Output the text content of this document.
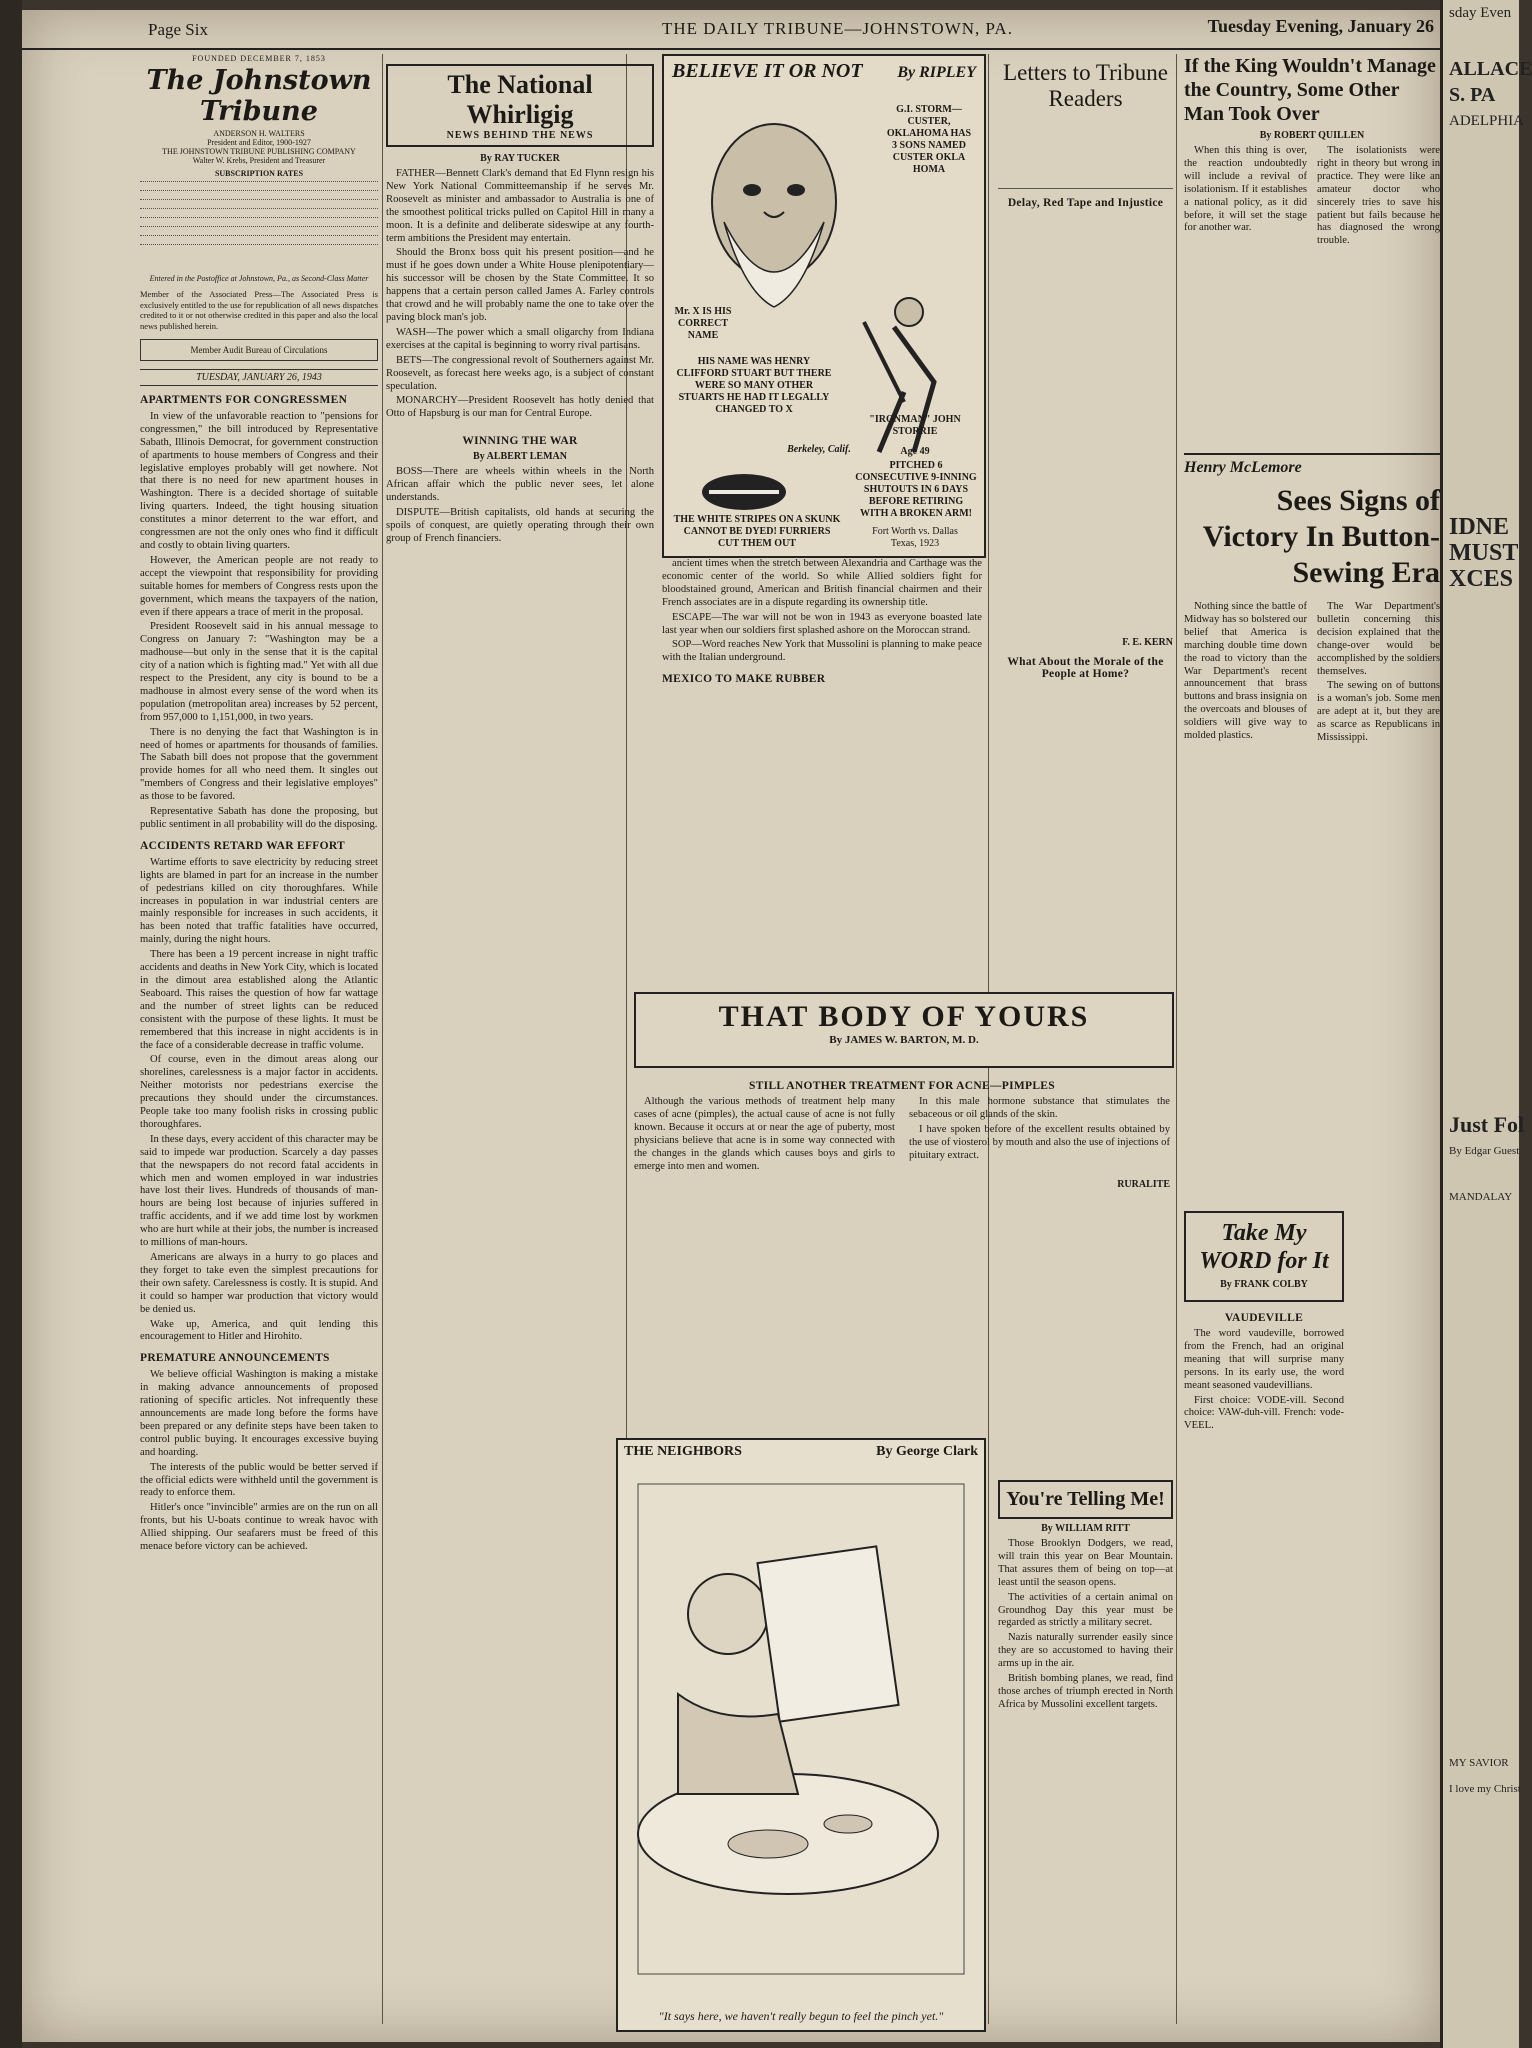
Page Six	THE DAILY TRIBUNE—JOHNSTOWN, PA.	Tuesday Evening, January 26
FOUNDED DECEMBER 7, 1853
The Johnstown Tribune
ANDERSON H. WALTERS
President and Editor, 1900-1927
THE JOHNSTOWN TRIBUNE PUBLISHING COMPANY
Walter W. Krebs, President and Treasurer
SUBSCRIPTION RATES
Entered in the Postoffice at Johnstown, Pa., as Second-Class Matter
Member of the Associated Press—The Associated Press is exclusively entitled to the use for republication of all news dispatches credited to it or not otherwise credited in this paper and also the local news published herein.
Member Audit Bureau of Circulations
TUESDAY, JANUARY 26, 1943
APARTMENTS FOR CONGRESSMEN

In view of the unfavorable reaction to "pensions for congressmen," the bill introduced by Representative Sabath, Illinois Democrat, for government construction of apartments to house members of Congress and their legislative employes probably will get nowhere. Not that there is no need for new apartment houses in Washington. There is a decided shortage of suitable living quarters. Indeed, the tight housing situation constitutes a minor deterrent to the war effort, and congressmen are not the only ones who find it difficult and costly to obtain living quarters.

However, the American people are not ready to accept the viewpoint that responsibility for providing suitable homes for members of Congress rests upon the government, which means the taxpayers of the nation, even if there appears a trace of merit in the proposal.

President Roosevelt said in his annual message to Congress on January 7: "Washington may be a madhouse—but only in the sense that it is the capital city of a nation which is fighting mad." Yet with all due respect to the President, any city is bound to be a madhouse in almost every sense of the word when its population (metropolitan area) increases by 52 percent, from 957,000 to 1,151,000, in two years.

There is no denying the fact that Washington is in need of homes or apartments for thousands of families. The Sabath bill does not propose that the government provide homes for all who need them. It singles out "members of Congress and their legislative employes" as those to be favored.

Representative Sabath has done the proposing, but public sentiment in all probability will do the disposing.

ACCIDENTS RETARD WAR EFFORT

Wartime efforts to save electricity by reducing street lights are blamed in part for an increase in the number of pedestrians killed on city thoroughfares. While increases in population in war industrial centers are mainly responsible for increases in such accidents, it has been noted that traffic fatalities have occurred, mainly, during the night hours.

There has been a 19 percent increase in night traffic accidents and deaths in New York City, which is located in the dimout area established along the Atlantic Seaboard. This raises the question of how far wattage and the number of street lights can be reduced consistent with the purpose of these lights. It must be remembered that this increase in night accidents is in the face of a considerable decrease in traffic volume.

Of course, even in the dimout areas along our shorelines, carelessness is a major factor in accidents. Neither motorists nor pedestrians exercise the precautions they should under the circumstances. People take too many foolish risks in crossing public thoroughfares.

In these days, every accident of this character may be said to impede war production. Scarcely a day passes that the newspapers do not record fatal accidents in which men and women employed in war industries have lost their lives. Hundreds of thousands of man-hours are being lost because of injuries suffered in traffic accidents, and if we add time lost by workmen who are hurt while at their jobs, the number is increased to millions of man-hours.

Americans are always in a hurry to go places and they forget to take even the simplest precautions for their own safety. Carelessness is costly. It is stupid. And it could so hamper war production that victory would be denied us.

Wake up, America, and quit lending this encouragement to Hitler and Hirohito.

PREMATURE ANNOUNCEMENTS

We believe official Washington is making a mistake in making advance announcements of proposed rationing of specific articles. Not infrequently these announcements are made long before the forms have been prepared or any definite steps have been taken to control public buying. It encourages excessive buying and hoarding.

The interests of the public would be better served if the official edicts were withheld until the government is ready to enforce them.

Hitler's once "invincible" armies are on the run on all fronts, but his U-boats continue to wreak havoc with Allied shipping. Our seafarers must be freed of this menace before victory can be achieved.

The National Whirligig
NEWS BEHIND THE NEWS
By RAY TUCKER

FATHER—Bennett Clark's demand that Ed Flynn resign his New York National Committeemanship if he serves Mr. Roosevelt as minister and ambassador to Australia is one of the smoothest political tricks pulled on Capitol Hill in many a moon. It is a definite and deliberate sideswipe at any fourth-term ambitions the President may entertain.

Should the Bronx boss quit his present position—and he must if he goes down under a White House plenipotentiary—his successor will be chosen by the State Committee. It so happens that a certain person called James A. Farley controls that crowd and he will probably name the one to take over the paving block man's job.

WASH—The power which a small oligarchy from Indiana exercises at the capital is beginning to worry rival partisans.

BETS—The congressional revolt of Southerners against Mr. Roosevelt, as forecast here weeks ago, is a subject of constant speculation.

MONARCHY—President Roosevelt has hotly denied that Otto of Hapsburg is our man for Central Europe.

WINNING THE WAR
By ALBERT LEMAN

BOSS—There are wheels within wheels in the North African affair which the public never sees, let alone understands.

DISPUTE—British capitalists, old hands at securing the spoils of conquest, are quietly operating through their own group of French financiers.

BELIEVE IT OR NOT By RIPLEY
G.I. STORM—CUSTER, OKLAHOMA HAS 3 SONS NAMED CUSTER OKLA HOMA
Mr. X IS HIS CORRECT NAME
HIS NAME WAS HENRY CLIFFORD STUART BUT THERE WERE SO MANY OTHER STUARTS HE HAD IT LEGALLY CHANGED TO X
Berkeley, Calif.
THE WHITE STRIPES ON A SKUNK CANNOT BE DYED! FURRIERS CUT THEM OUT
"IRONMAN" JOHN STORRIE
Age 49
PITCHED 6 CONSECUTIVE 9-INNING SHUTOUTS IN 6 DAYS BEFORE RETIRING WITH A BROKEN ARM!
Fort Worth vs. Dallas Texas, 1923

ancient times when the stretch between Alexandria and Carthage was the economic center of the world. So while Allied soldiers fight for bloodstained ground, American and British financial chairmen and their French associates are in a dispute regarding its ownership title.

ESCAPE—The war will not be won in 1943 as everyone boasted late last year when our soldiers first splashed ashore on the Moroccan strand.

SOP—Word reaches New York that Mussolini is planning to make peace with the Italian underground.

MEXICO TO MAKE RUBBER
Letters to Tribune Readers
Delay, Red Tape and Injustice
F. E. KERN
What About the Morale of the People at Home?
THAT BODY OF YOURS
By JAMES W. BARTON, M. D.
STILL ANOTHER TREATMENT FOR ACNE—PIMPLES

Although the various methods of treatment help many cases of acne (pimples), the actual cause of acne is not fully known. Because it occurs at or near the age of puberty, most physicians believe that acne is in some way connected with the changes in the glands which causes boys and girls to emerge into men and women.

In this male hormone substance that stimulates the sebaceous or oil glands of the skin.

I have spoken before of the excellent results obtained by the use of viosterol by mouth and also the use of injections of pituitary extract.

RURALITE
THE NEIGHBORS	By George Clark
"It says here, we haven't really begun to feel the pinch yet."
You're Telling Me!
By WILLIAM RITT

Those Brooklyn Dodgers, we read, will train this year on Bear Mountain. That assures them of being on top—at least until the season opens.

The activities of a certain animal on Groundhog Day this year must be regarded as strictly a military secret.

Nazis naturally surrender easily since they are so accustomed to having their arms up in the air.

British bombing planes, we read, find those arches of triumph erected in North Africa by Mussolini excellent targets.

If the King Wouldn't Manage the Country, Some Other Man Took Over
By ROBERT QUILLEN

When this thing is over, the reaction undoubtedly will include a revival of isolationism. If it establishes a national policy, as it did before, it will set the stage for another war.

The isolationists were right in theory but wrong in practice. They were like an amateur doctor who sincerely tries to save his patient but fails because he has diagnosed the wrong trouble.

Henry McLemore
Sees Signs of Victory In Button-Sewing Era

Nothing since the battle of Midway has so bolstered our belief that America is marching double time down the road to victory than the War Department's recent announcement that brass buttons and brass insignia on the overcoats and blouses of soldiers will give way to molded plastics.

The War Department's bulletin concerning this decision explained that the change-over would be accomplished by the soldiers themselves.

The sewing on of buttons is a woman's job. Some men are adept at it, but they are as scarce as Republicans in Mississippi.

Take My WORD for It
By FRANK COLBY
VAUDEVILLE

The word vaudeville, borrowed from the French, had an original meaning that will surprise many persons. In its early use, the word meant seasoned vaudevillians.

First choice: VODE-vill. Second choice: VAW-duh-vill. French: vode-VEEL.

sday Even
ALLACE
S. PA
ADELPHIA
IDNE
MUST
XCES
Just Fol
By Edgar Guest
MANDALAY
MY SAVIOR
I love my Christ
